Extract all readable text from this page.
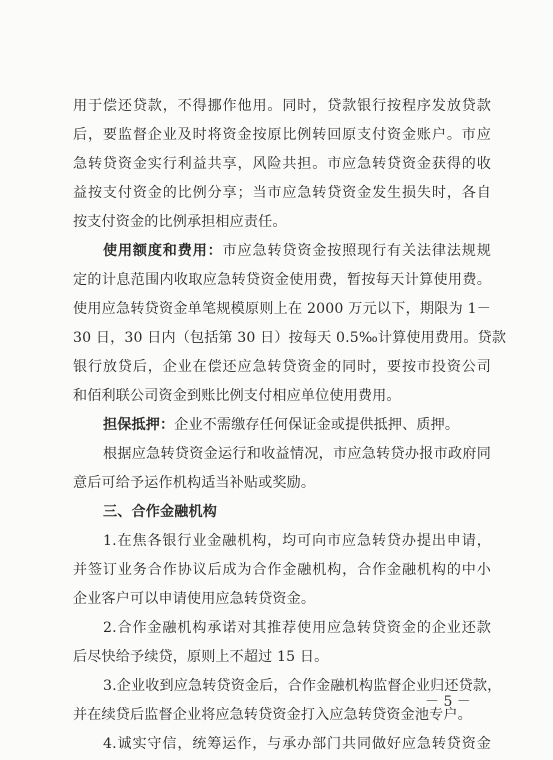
用于偿还贷款，不得挪作他用。同时，贷款银行按程序发放贷款
后，要监督企业及时将资金按原比例转回原支付资金账户。市应
急转贷资金实行利益共享，风险共担。市应急转贷资金获得的收
益按支付资金的比例分享；当市应急转贷资金发生损失时，各自
按支付资金的比例承担相应责任。
使用额度和费用：市应急转贷资金按照现行有关法律法规规
定的计息范围内收取应急转贷资金使用费，暂按每天计算使用费。
使用应急转贷资金单笔规模原则上在 2000 万元以下，期限为 1－
30 日，30 日内（包括第 30 日）按每天 0.5‰计算使用费用。贷款
银行放贷后，企业在偿还应急转贷资金的同时，要按市投资公司
和佰利联公司资金到账比例支付相应单位使用费用。
担保抵押：企业不需缴存任何保证金或提供抵押、质押。
根据应急转贷资金运行和收益情况，市应急转贷办报市政府同
意后可给予运作机构适当补贴或奖励。
三、合作金融机构
1.在焦各银行业金融机构，均可向市应急转贷办提出申请，
并签订业务合作协议后成为合作金融机构，合作金融机构的中小
企业客户可以申请使用应急转贷资金。
2.合作金融机构承诺对其推荐使用应急转贷资金的企业还款
后尽快给予续贷，原则上不超过 15 日。
3.企业收到应急转贷资金后，合作金融机构监督企业归还贷款，
并在续贷后监督企业将应急转贷资金打入应急转贷资金池专户。
4.诚实守信，统筹运作，与承办部门共同做好应急转贷资金
－ 5 －
